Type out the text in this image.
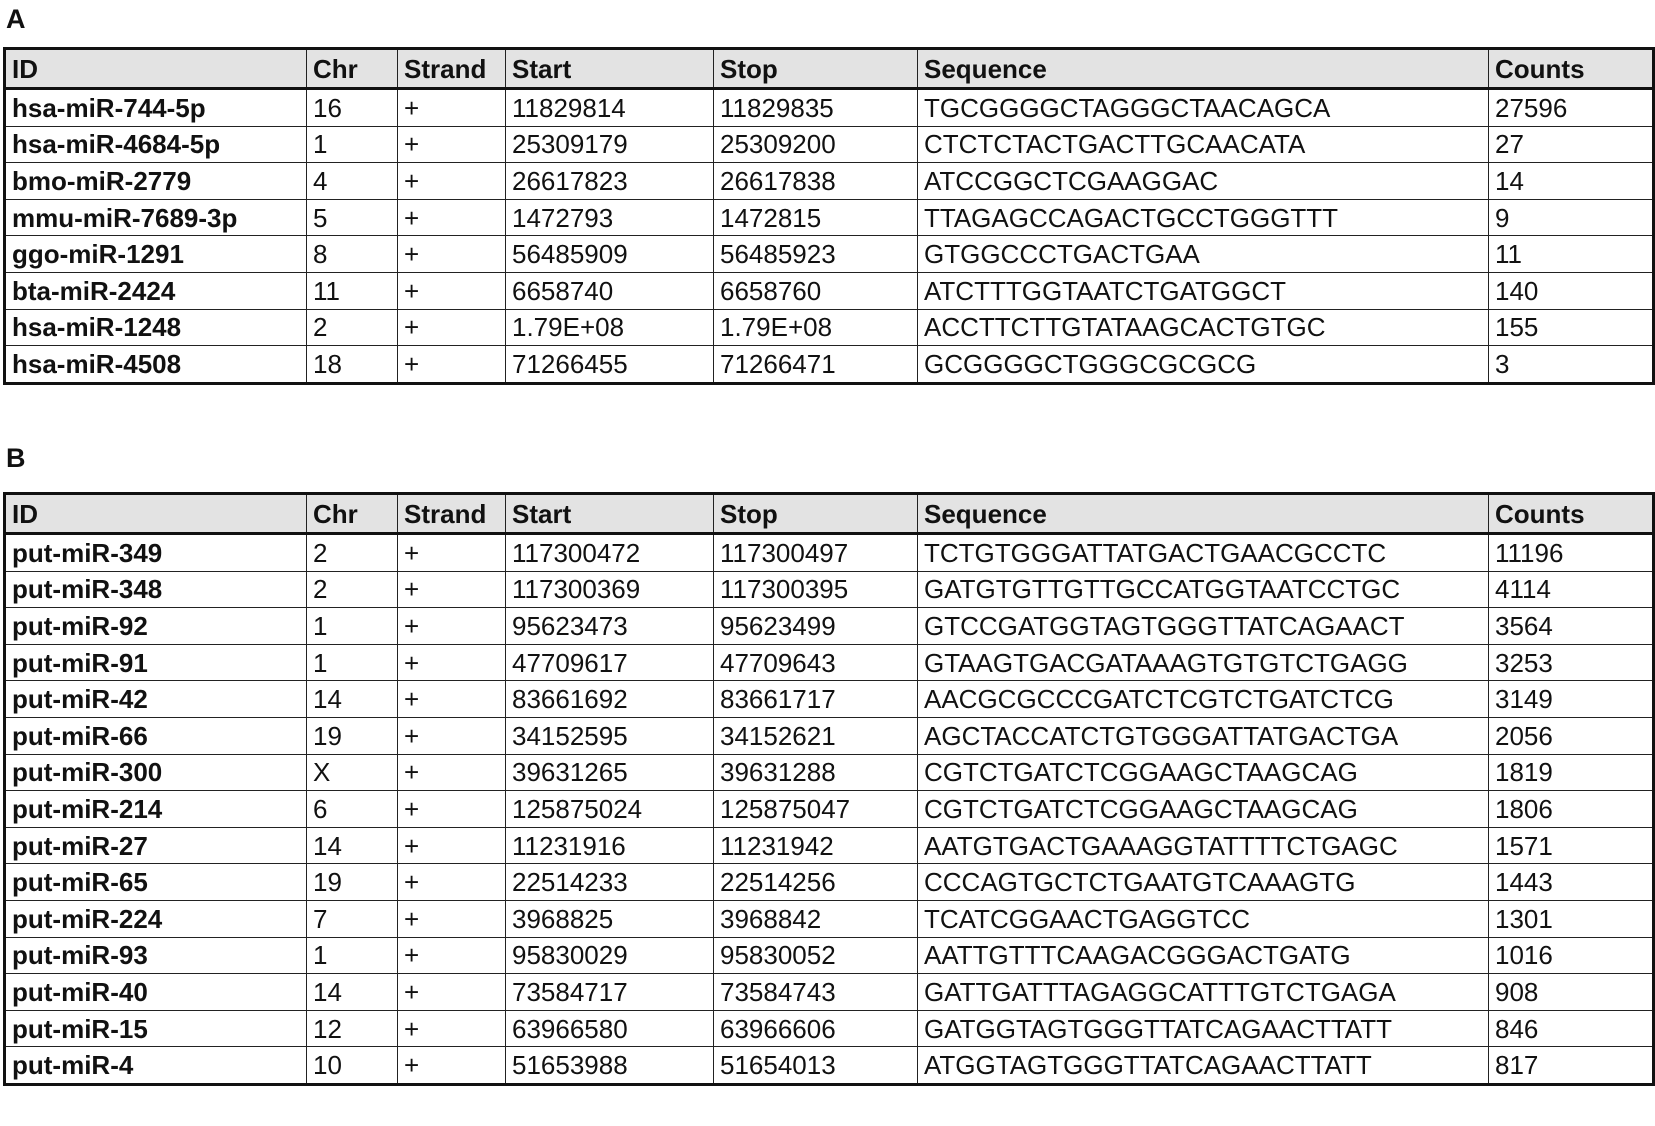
A
ID	Chr	Strand	Start	Stop	Sequence	Counts
hsa-miR-744-5p	16	+	11829814	11829835	TGCGGGGCTAGGGCTAACAGCA	27596
hsa-miR-4684-5p	1	+	25309179	25309200	CTCTCTACTGACTTGCAACATA	27
bmo-miR-2779	4	+	26617823	26617838	ATCCGGCTCGAAGGAC	14
mmu-miR-7689-3p	5	+	1472793	1472815	TTAGAGCCAGACTGCCTGGGTTT	9
ggo-miR-1291	8	+	56485909	56485923	GTGGCCCTGACTGAA	11
bta-miR-2424	11	+	6658740	6658760	ATCTTTGGTAATCTGATGGCT	140
hsa-miR-1248	2	+	1.79E+08	1.79E+08	ACCTTCTTGTATAAGCACTGTGC	155
hsa-miR-4508	18	+	71266455	71266471	GCGGGGCTGGGCGCGCG	3
B
ID	Chr	Strand	Start	Stop	Sequence	Counts
put-miR-349	2	+	117300472	117300497	TCTGTGGGATTATGACTGAACGCCTC	11196
put-miR-348	2	+	117300369	117300395	GATGTGTTGTTGCCATGGTAATCCTGC	4114
put-miR-92	1	+	95623473	95623499	GTCCGATGGTAGTGGGTTATCAGAACT	3564
put-miR-91	1	+	47709617	47709643	GTAAGTGACGATAAAGTGTGTCTGAGG	3253
put-miR-42	14	+	83661692	83661717	AACGCGCCCGATCTCGTCTGATCTCG	3149
put-miR-66	19	+	34152595	34152621	AGCTACCATCTGTGGGATTATGACTGA	2056
put-miR-300	X	+	39631265	39631288	CGTCTGATCTCGGAAGCTAAGCAG	1819
put-miR-214	6	+	125875024	125875047	CGTCTGATCTCGGAAGCTAAGCAG	1806
put-miR-27	14	+	11231916	11231942	AATGTGACTGAAAGGTATTTTCTGAGC	1571
put-miR-65	19	+	22514233	22514256	CCCAGTGCTCTGAATGTCAAAGTG	1443
put-miR-224	7	+	3968825	3968842	TCATCGGAACTGAGGTCC	1301
put-miR-93	1	+	95830029	95830052	AATTGTTTCAAGACGGGACTGATG	1016
put-miR-40	14	+	73584717	73584743	GATTGATTTAGAGGCATTTGTCTGAGA	908
put-miR-15	12	+	63966580	63966606	GATGGTAGTGGGTTATCAGAACTTATT	846
put-miR-4	10	+	51653988	51654013	ATGGTAGTGGGTTATCAGAACTTATT	817
